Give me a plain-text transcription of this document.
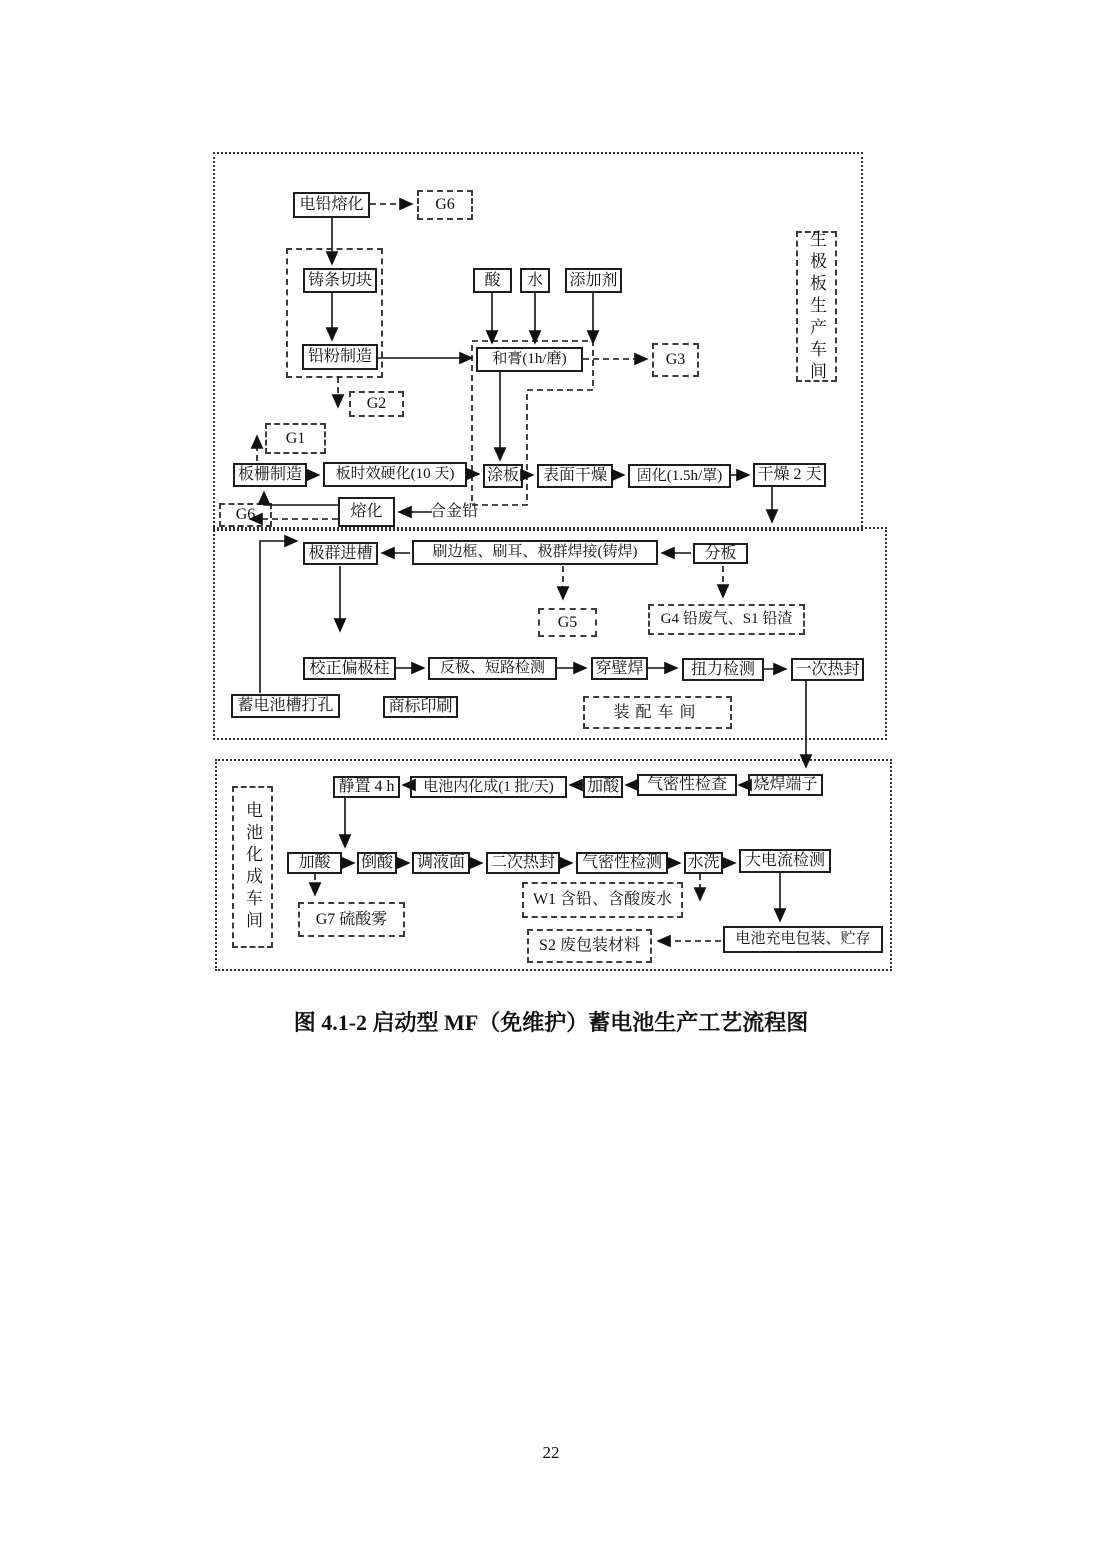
电铅熔化
铸条切块
铅粉制造
酸	水	添加剂
和膏(1h/磨)
板栅制造	板时效硬化(10 天)	涂板	表面干燥	固化(1.5h/罩)	干燥 2 天
熔化
极群进槽	刷边框、刷耳、极群焊接(铸焊)	分板
校正偏极柱	反极、短路检测	穿壁焊	扭力检测	一次热封
蓄电池槽打孔	商标印刷
静置 4 h	电池内化成(1 批/天)	加酸	气密性检查	烧焊端子
加酸	倒酸	调液面	二次热封	气密性检测	水洗	大电流检测
电池充电包装、贮存
G6
G3
G2
G1
G6
G5	G4 铅废气、S1 铅渣
装配车间
G7 硫酸雾
W1 含铅、含酸废水
S2 废包装材料
生极板生产车间
电池化成车间
合金铅
图 4.1-2 启动型 MF（免维护）蓄电池生产工艺流程图
22
